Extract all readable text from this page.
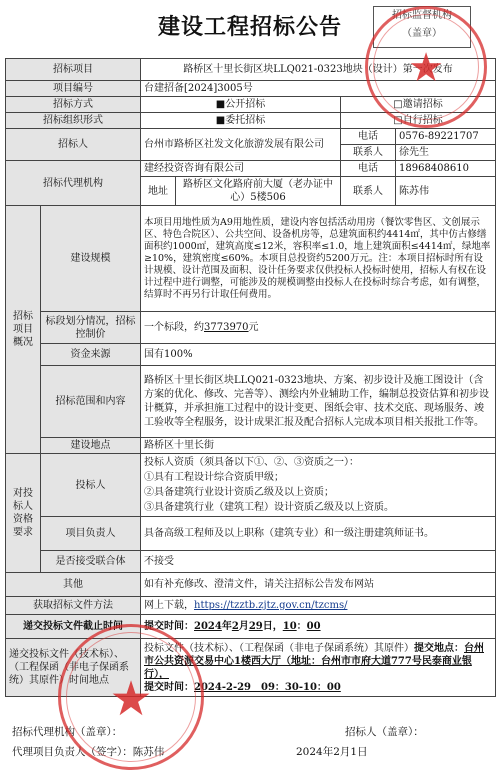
建设工程招标公告	招标监督机构
（盖章）
招标项目		路桥区十里长街区块LLQ021-0323地块（设计）第一次发布			
项目编号		台建招备[2024]3005号			
招标方式		■公开招标		□邀请招标	
招标组织形式		■委托招标		□自行招标	
招标人		台州市路桥区社发文化旅游发展有限公司		电话	0576-89221707
				联系人	徐先生
招标代理机构		建经投资咨询有限公司		电话	18968408610
		地址	路桥区文化路府前大厦（老办证中心）5楼506	联系人	陈苏伟
招标项目概况	建设规模	本项目用地性质为A9用地性质，建设内容包括活动用房（餐饮零售区、文创展示区、特色合院区）、公共空间、设备机房等，总建筑面积约4414㎡，其中仿古修缮面积约1000㎡，建筑高度≤12米，容积率≤1.0，地上建筑面积≤4414㎡，绿地率≥10%，建筑密度≤60%。本项目总投资约5200万元。注：本项目招标时所有设计规模、设计范围及面积、设计任务要求仅供投标人投标时使用，招标人有权在设计过程中进行调整，可能涉及的规模调整由投标人在投标时综合考虑，如有调整，结算时不再另行计取任何费用。			
	标段划分情况，招标控制价	一个标段，约3773970元			
	资金来源	国有100%			
	招标范围和内容	路桥区十里长街区块LLQ021-0323地块、方案、初步设计及施工图设计（含方案的优化、修改、完善等）、测绘内外业辅助工作，编制总投资估算和初步设计概算，并承担施工过程中的设计变更、图纸会审、技术交底、现场服务、竣工验收等全程服务，设计成果汇报及配合招标人完成本项目相关报批工作等。			
	建设地点	路桥区十里长街			

对投标人资格要求	投标人	投标人资质（须具备以下①、②、③资质之一）：
①具有工程设计综合资质甲级；
②具备建筑行业设计资质乙级及以上资质；
③具备建筑行业（建筑工程）设计资质乙级及以上资质。			

	项目负责人	具备高级工程师及以上职称（建筑专业）和一级注册建筑师证书。			
	是否接受联合体	不接受			
其他		如有补充修改、澄清文件，请关注招标公告发布网站			
获取招标文件方法		网上下载，https://tzztb.zjtz.gov.cn/tzcms/			
递交投标文件截止时间		提交时间：2024年2月29日，10：00			
递交投标文件（技术标）、（工程保函（非电子保函系统）其原件）时间地点		投标文件（技术标）、（工程保函（非电子保函系统）其原件）提交地点：台州市公共资源交易中心1楼西大厅（地址：台州市市府大道777号民泰商业银行），
提交时间：2024-2-29　09：30-10：00			
招标代理机构（盖章）：	招标人（盖章）：
代理项目负责人（签字）：陈苏伟	2024年2月1日
★
★
